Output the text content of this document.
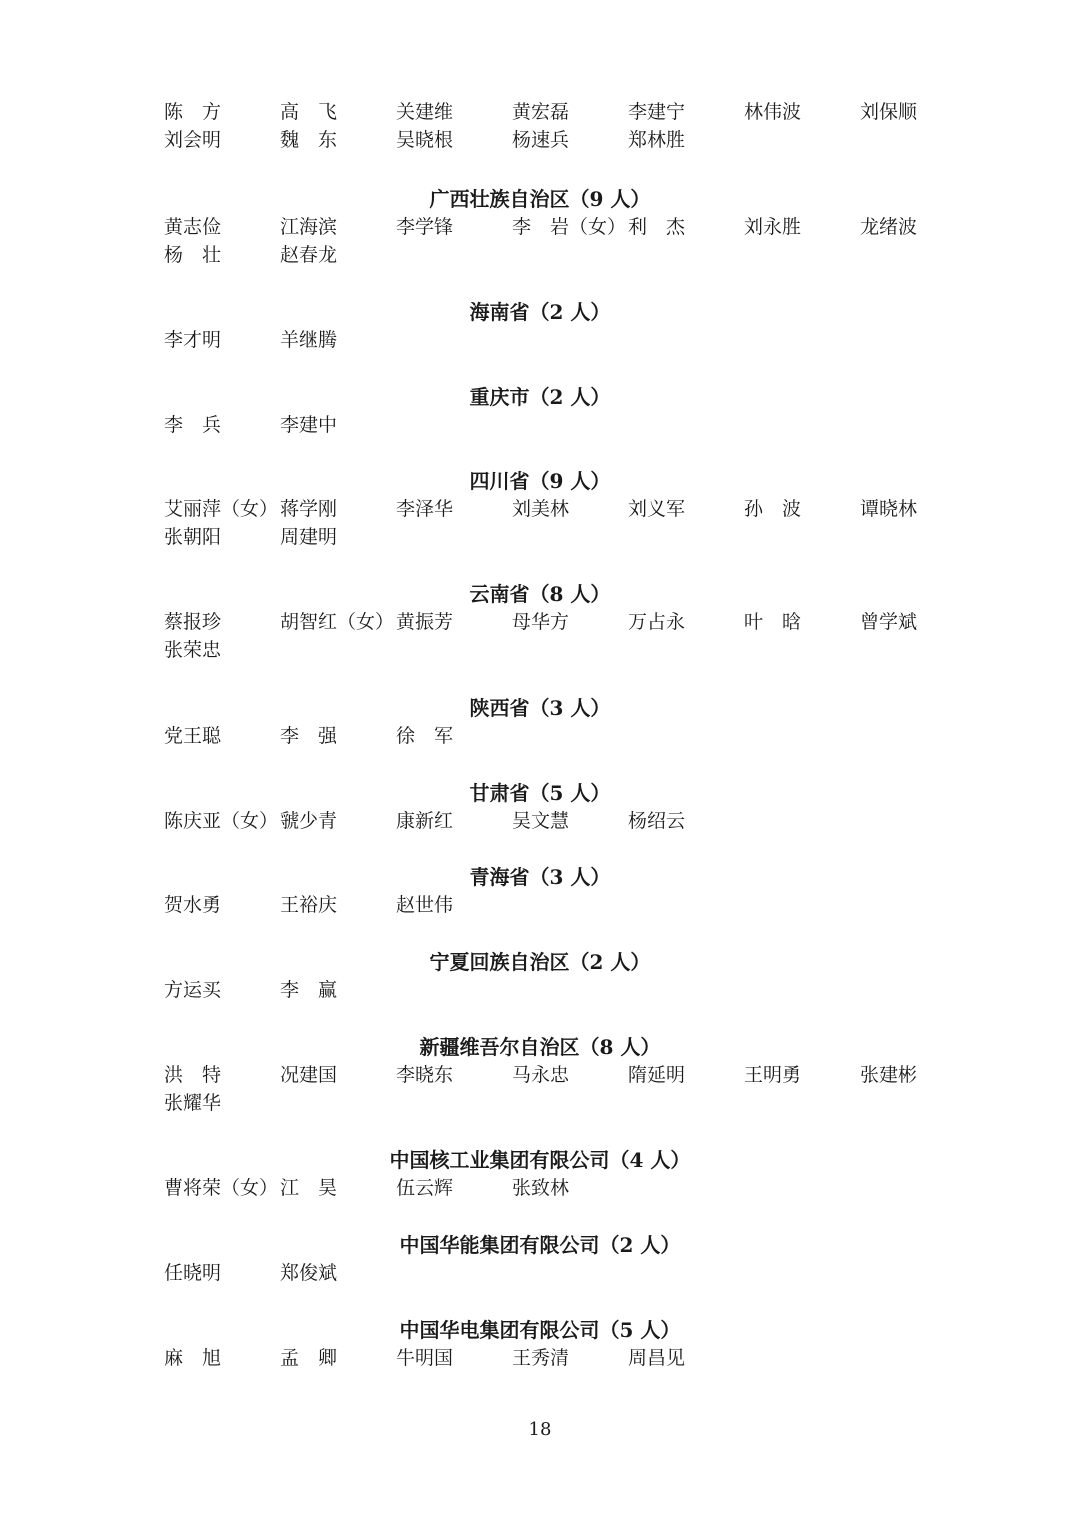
陈　方	高　飞	关建维	黄宏磊	李建宁	林伟波	刘保顺
刘会明	魏　东	吴晓根	杨速兵	郑林胜
广西壮族自治区（9 人）
黄志俭	江海滨	李学锋	李　岩（女） 利　杰	刘永胜	龙绪波
杨　壮	赵春龙
海南省（2 人）
李才明	羊继腾
重庆市（2 人）
李　兵	李建中
四川省（9 人）
艾丽萍（女） 蒋学刚	李泽华	刘美林	刘义军	孙　波	谭晓林
张朝阳	周建明
云南省（8 人）
蔡报珍	胡智红（女） 黄振芳	母华方	万占永	叶　晗	曾学斌
张荣忠
陕西省（3 人）
党王聪	李　强	徐　军
甘肃省（5 人）
陈庆亚（女） 虢少青	康新红	吴文慧	杨绍云
青海省（3 人）
贺水勇	王裕庆	赵世伟
宁夏回族自治区（2 人）
方运买	李　赢
新疆维吾尔自治区（8 人）
洪　特	况建国	李晓东	马永忠	隋延明	王明勇	张建彬
张耀华
中国核工业集团有限公司（4 人）
曹将荣（女） 江　昊	伍云辉	张致林
中国华能集团有限公司（2 人）
任晓明	郑俊斌
中国华电集团有限公司（5 人）
麻　旭	孟　卿	牛明国	王秀清	周昌见
18
